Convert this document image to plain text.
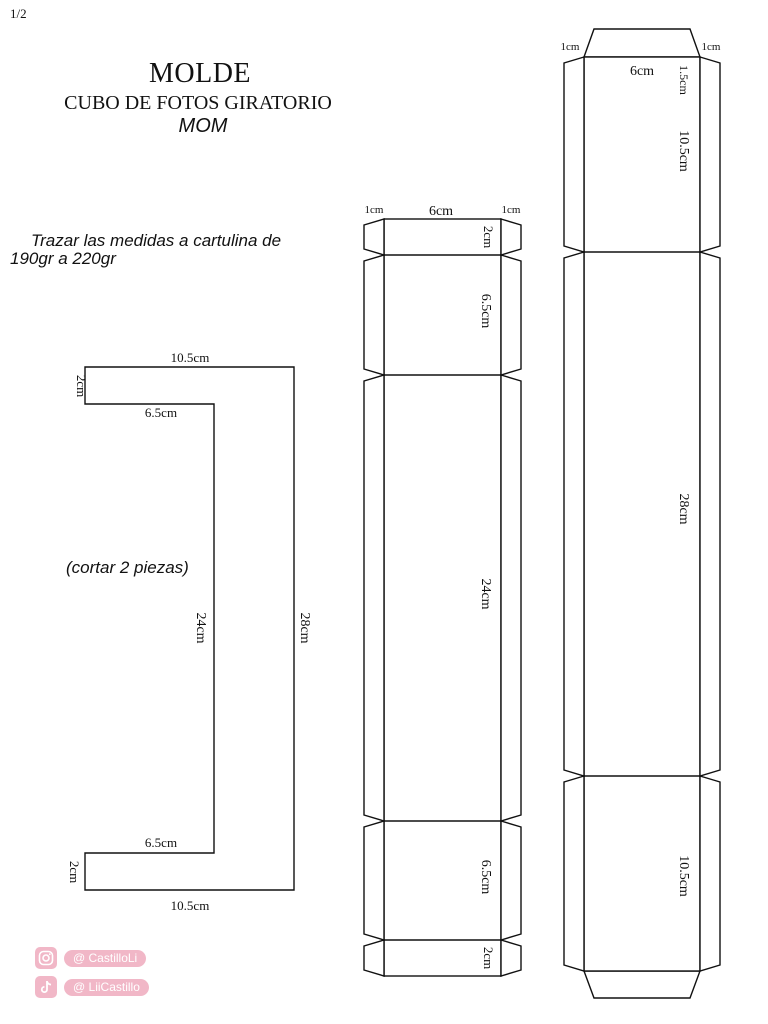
1/2
MOLDE
CUBO DE FOTOS GIRATORIO
MOM
Trazar las medidas a cartulina de
190gr a 220gr
(cortar 2 piezas)
10.5cm
2cm
6.5cm
24cm	28cm
6.5cm
2cm
10.5cm
1cm	6cm	1cm
2cm
6.5cm
24cm
6.5cm
2cm
1cm	1cm
6cm 1.5cm
10.5cm
28cm
10.5cm
@ CastilloLi
@ LiiCastillo
